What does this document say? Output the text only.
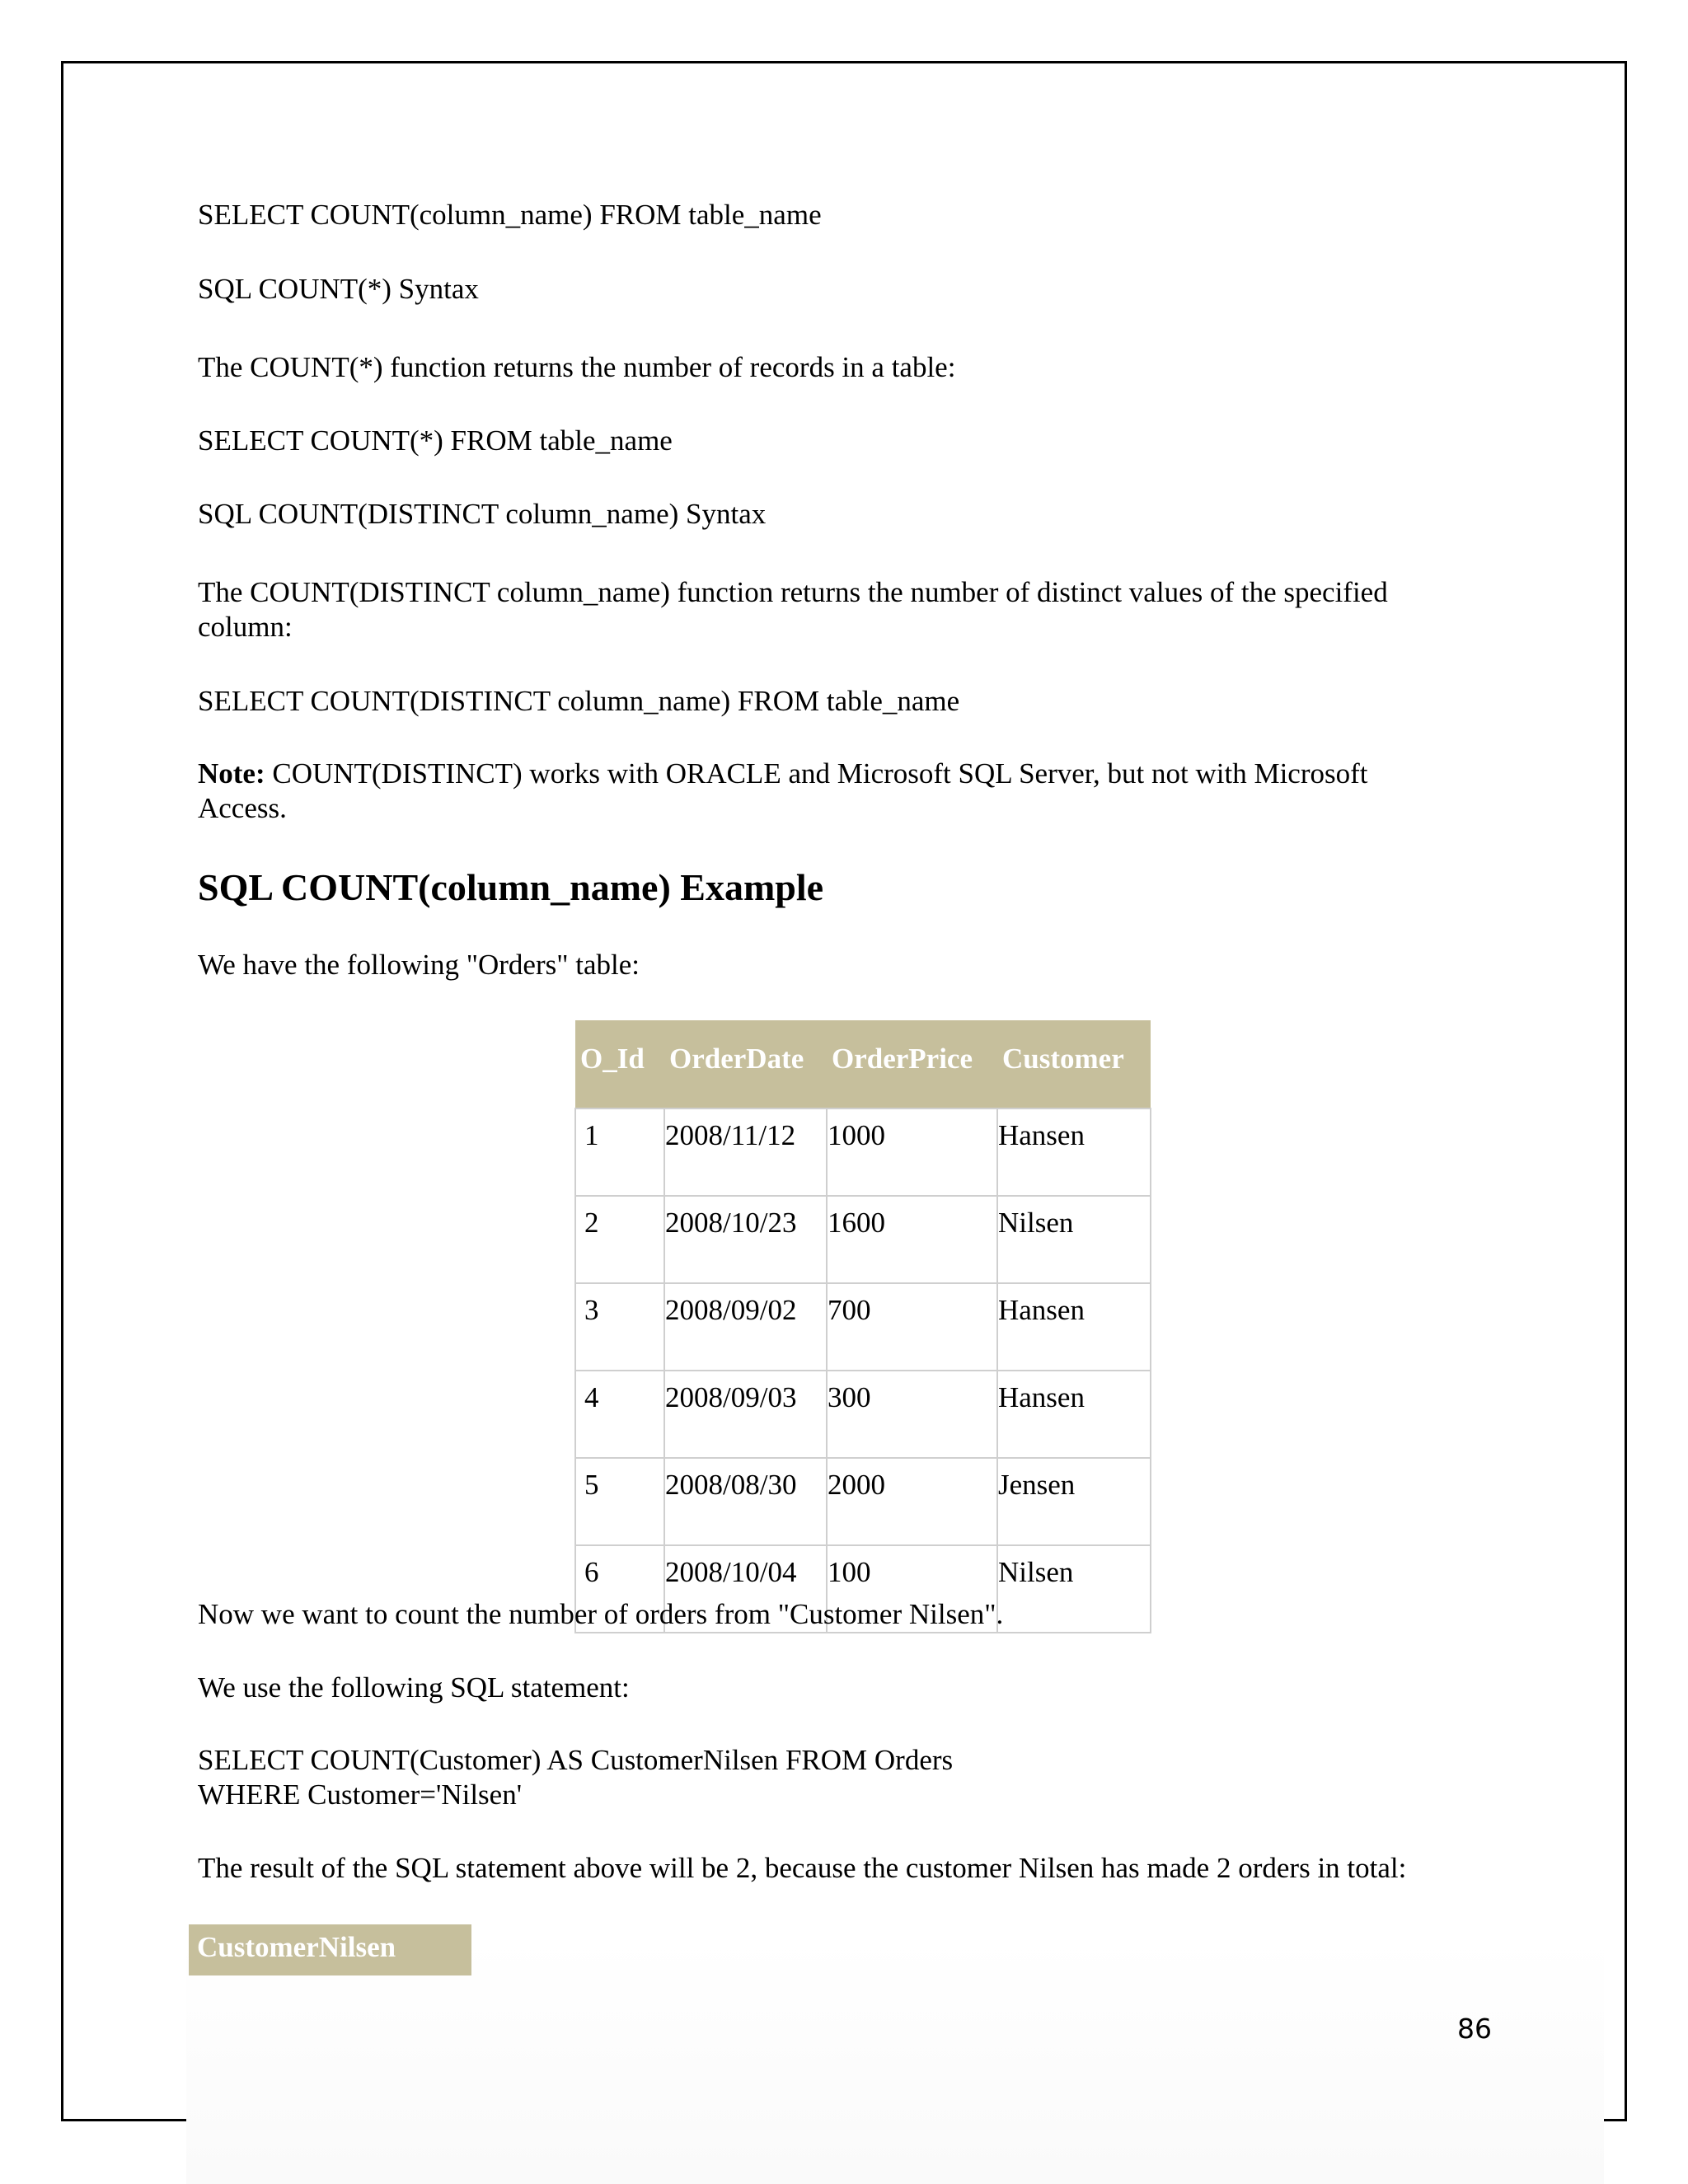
SELECT COUNT(column_name) FROM table_name

SQL COUNT(*) Syntax

The COUNT(*) function returns the number of records in a table:

SELECT COUNT(*) FROM table_name

SQL COUNT(DISTINCT column_name) Syntax

The COUNT(DISTINCT column_name) function returns the number of distinct values of the specified

column:

SELECT COUNT(DISTINCT column_name) FROM table_name

Note: COUNT(DISTINCT) works with ORACLE and Microsoft SQL Server, but not with Microsoft

Access.

SQL COUNT(column_name) Example

We have the following "Orders" table:

O_Id	OrderDate	OrderPrice	Customer
1	2008/11/12	1000	Hansen
2	2008/10/23	1600	Nilsen
3	2008/09/02	700	Hansen
4	2008/09/03	300	Hansen
5	2008/08/30	2000	Jensen
6	2008/10/04	100	Nilsen

Now we want to count the number of orders from "Customer Nilsen".

We use the following SQL statement:

SELECT COUNT(Customer) AS CustomerNilsen FROM Orders

WHERE Customer='Nilsen'

The result of the SQL statement above will be 2, because the customer Nilsen has made 2 orders in total:

CustomerNilsen
86
